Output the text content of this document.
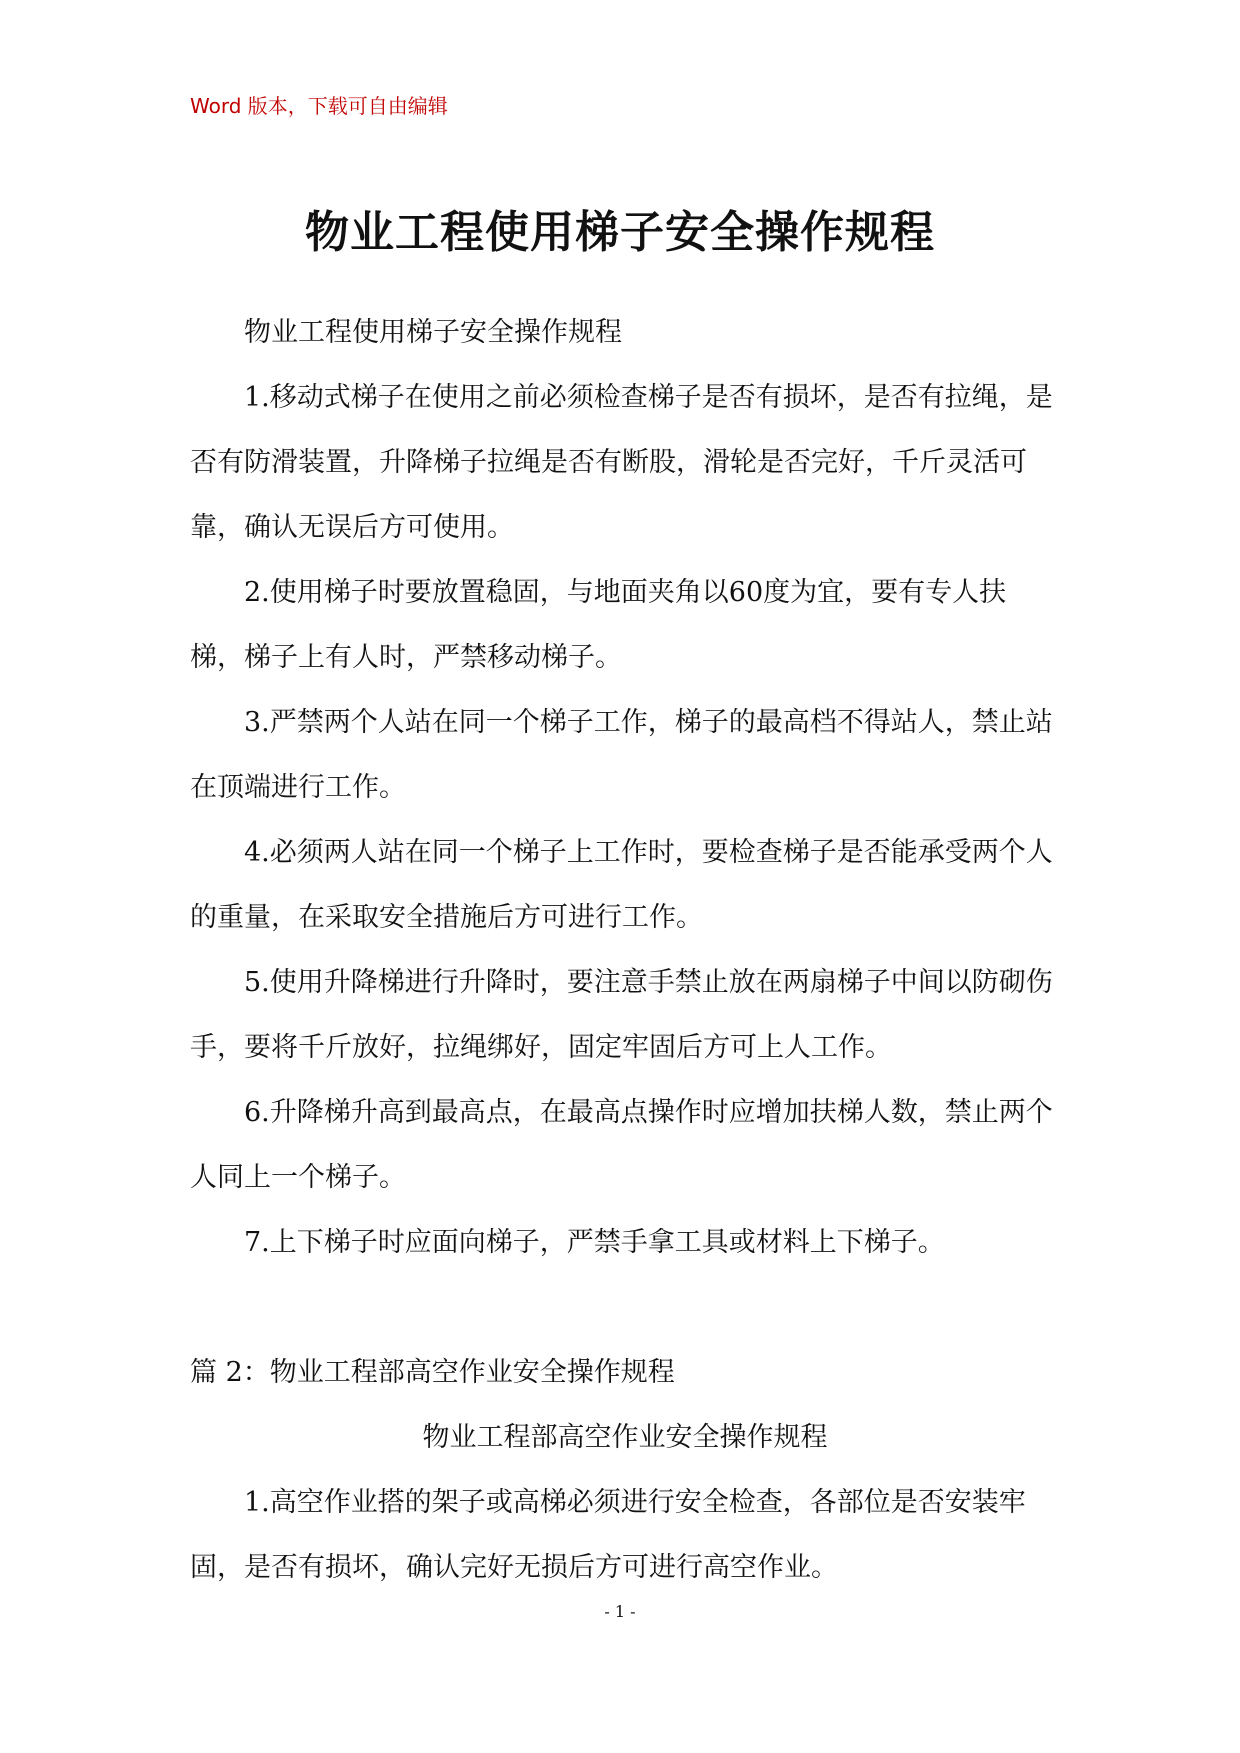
Word 版本，下载可自由编辑
物业工程使用梯子安全操作规程

物业工程使用梯子安全操作规程

1.移动式梯子在使用之前必须检查梯子是否有损坏，是否有拉绳，是否有防滑装置，升降梯子拉绳是否有断股，滑轮是否完好，千斤灵活可靠，确认无误后方可使用。

2.使用梯子时要放置稳固，与地面夹角以60度为宜，要有专人扶梯，梯子上有人时，严禁移动梯子。

3.严禁两个人站在同一个梯子工作，梯子的最高档不得站人，禁止站在顶端进行工作。

4.必须两人站在同一个梯子上工作时，要检查梯子是否能承受两个人的重量，在采取安全措施后方可进行工作。

5.使用升降梯进行升降时，要注意手禁止放在两扇梯子中间以防砌伤手，要将千斤放好，拉绳绑好，固定牢固后方可上人工作。

6.升降梯升高到最高点，在最高点操作时应增加扶梯人数，禁止两个人同上一个梯子。

7.上下梯子时应面向梯子，严禁手拿工具或材料上下梯子。

篇 2：物业工程部高空作业安全操作规程

物业工程部高空作业安全操作规程

1.高空作业搭的架子或高梯必须进行安全检查，各部位是否安装牢固，是否有损坏，确认完好无损后方可进行高空作业。

- 1 -
